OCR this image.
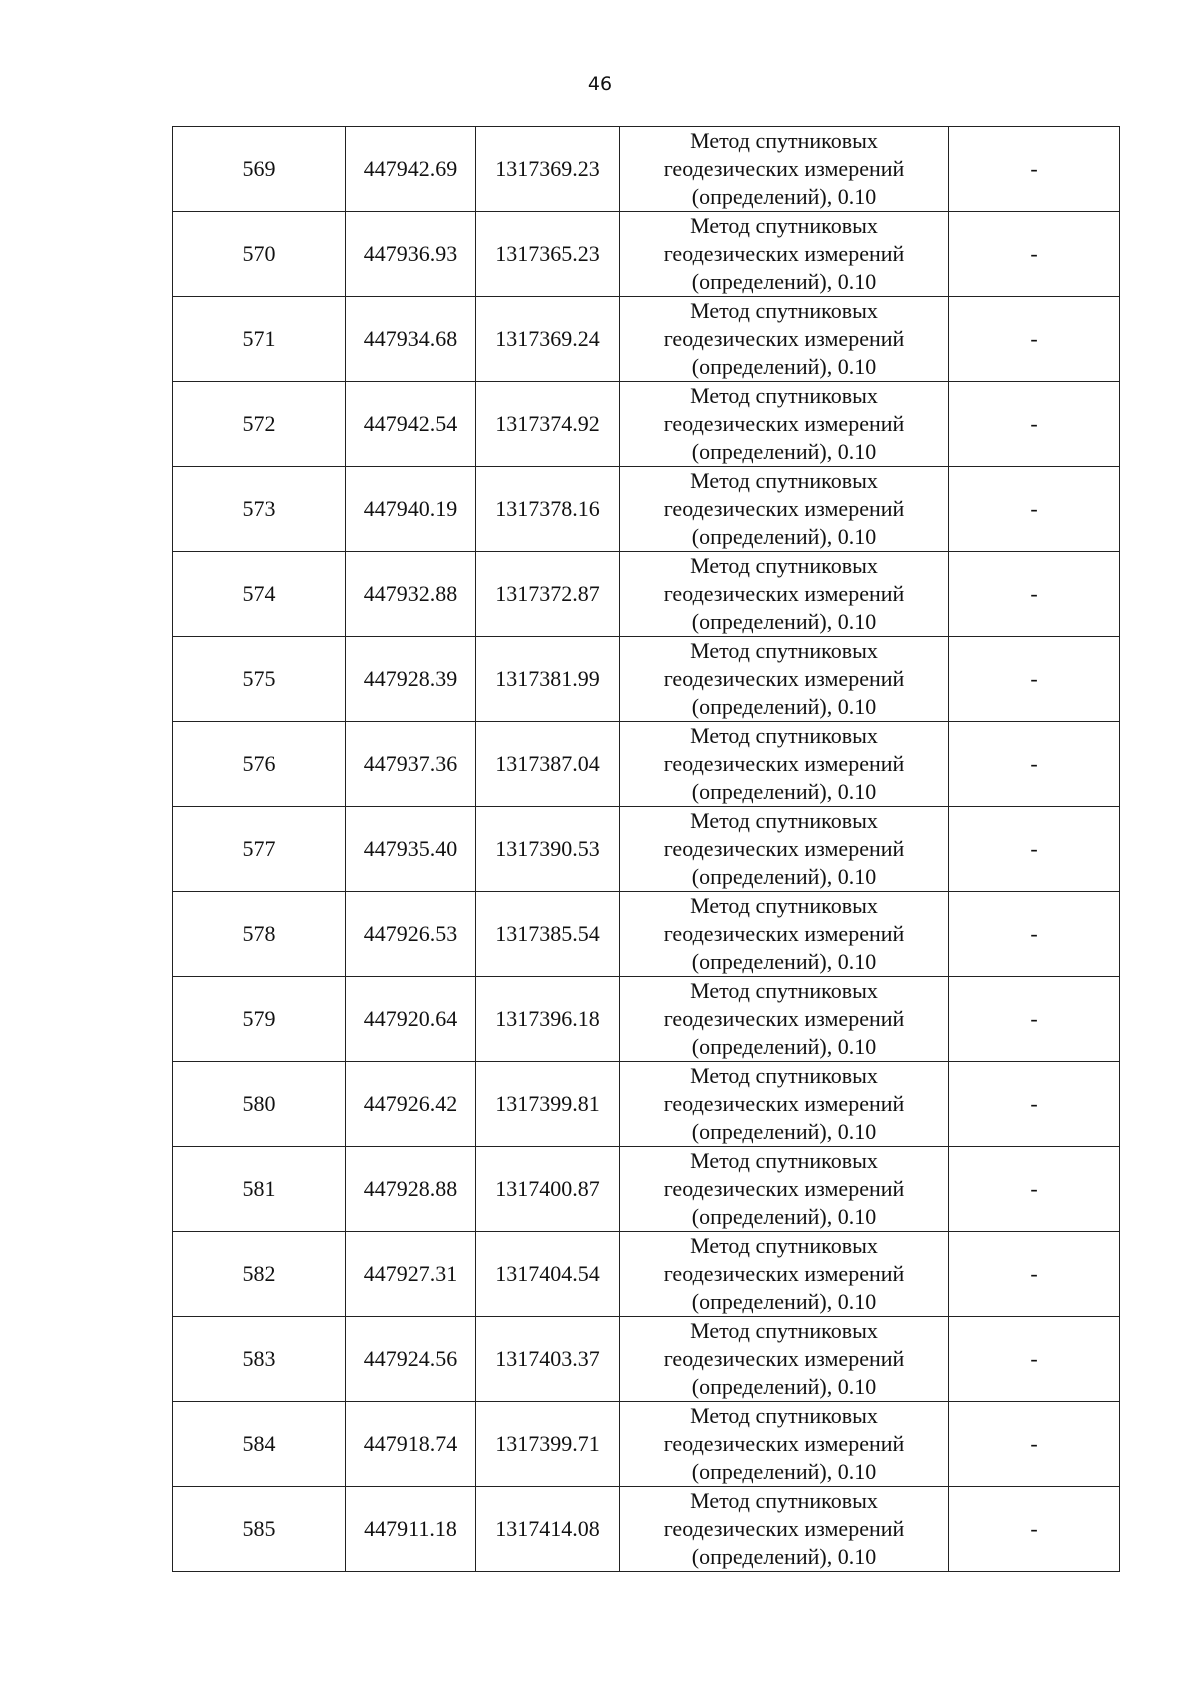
46
569	447942.69	1317369.23	Метод спутниковых
геодезических измерений
(определений), 0.10	-
570	447936.93	1317365.23	Метод спутниковых
геодезических измерений
(определений), 0.10	-
571	447934.68	1317369.24	Метод спутниковых
геодезических измерений
(определений), 0.10	-
572	447942.54	1317374.92	Метод спутниковых
геодезических измерений
(определений), 0.10	-
573	447940.19	1317378.16	Метод спутниковых
геодезических измерений
(определений), 0.10	-
574	447932.88	1317372.87	Метод спутниковых
геодезических измерений
(определений), 0.10	-
575	447928.39	1317381.99	Метод спутниковых
геодезических измерений
(определений), 0.10	-
576	447937.36	1317387.04	Метод спутниковых
геодезических измерений
(определений), 0.10	-
577	447935.40	1317390.53	Метод спутниковых
геодезических измерений
(определений), 0.10	-
578	447926.53	1317385.54	Метод спутниковых
геодезических измерений
(определений), 0.10	-
579	447920.64	1317396.18	Метод спутниковых
геодезических измерений
(определений), 0.10	-
580	447926.42	1317399.81	Метод спутниковых
геодезических измерений
(определений), 0.10	-
581	447928.88	1317400.87	Метод спутниковых
геодезических измерений
(определений), 0.10	-
582	447927.31	1317404.54	Метод спутниковых
геодезических измерений
(определений), 0.10	-
583	447924.56	1317403.37	Метод спутниковых
геодезических измерений
(определений), 0.10	-
584	447918.74	1317399.71	Метод спутниковых
геодезических измерений
(определений), 0.10	-
585	447911.18	1317414.08	Метод спутниковых
геодезических измерений
(определений), 0.10	-
